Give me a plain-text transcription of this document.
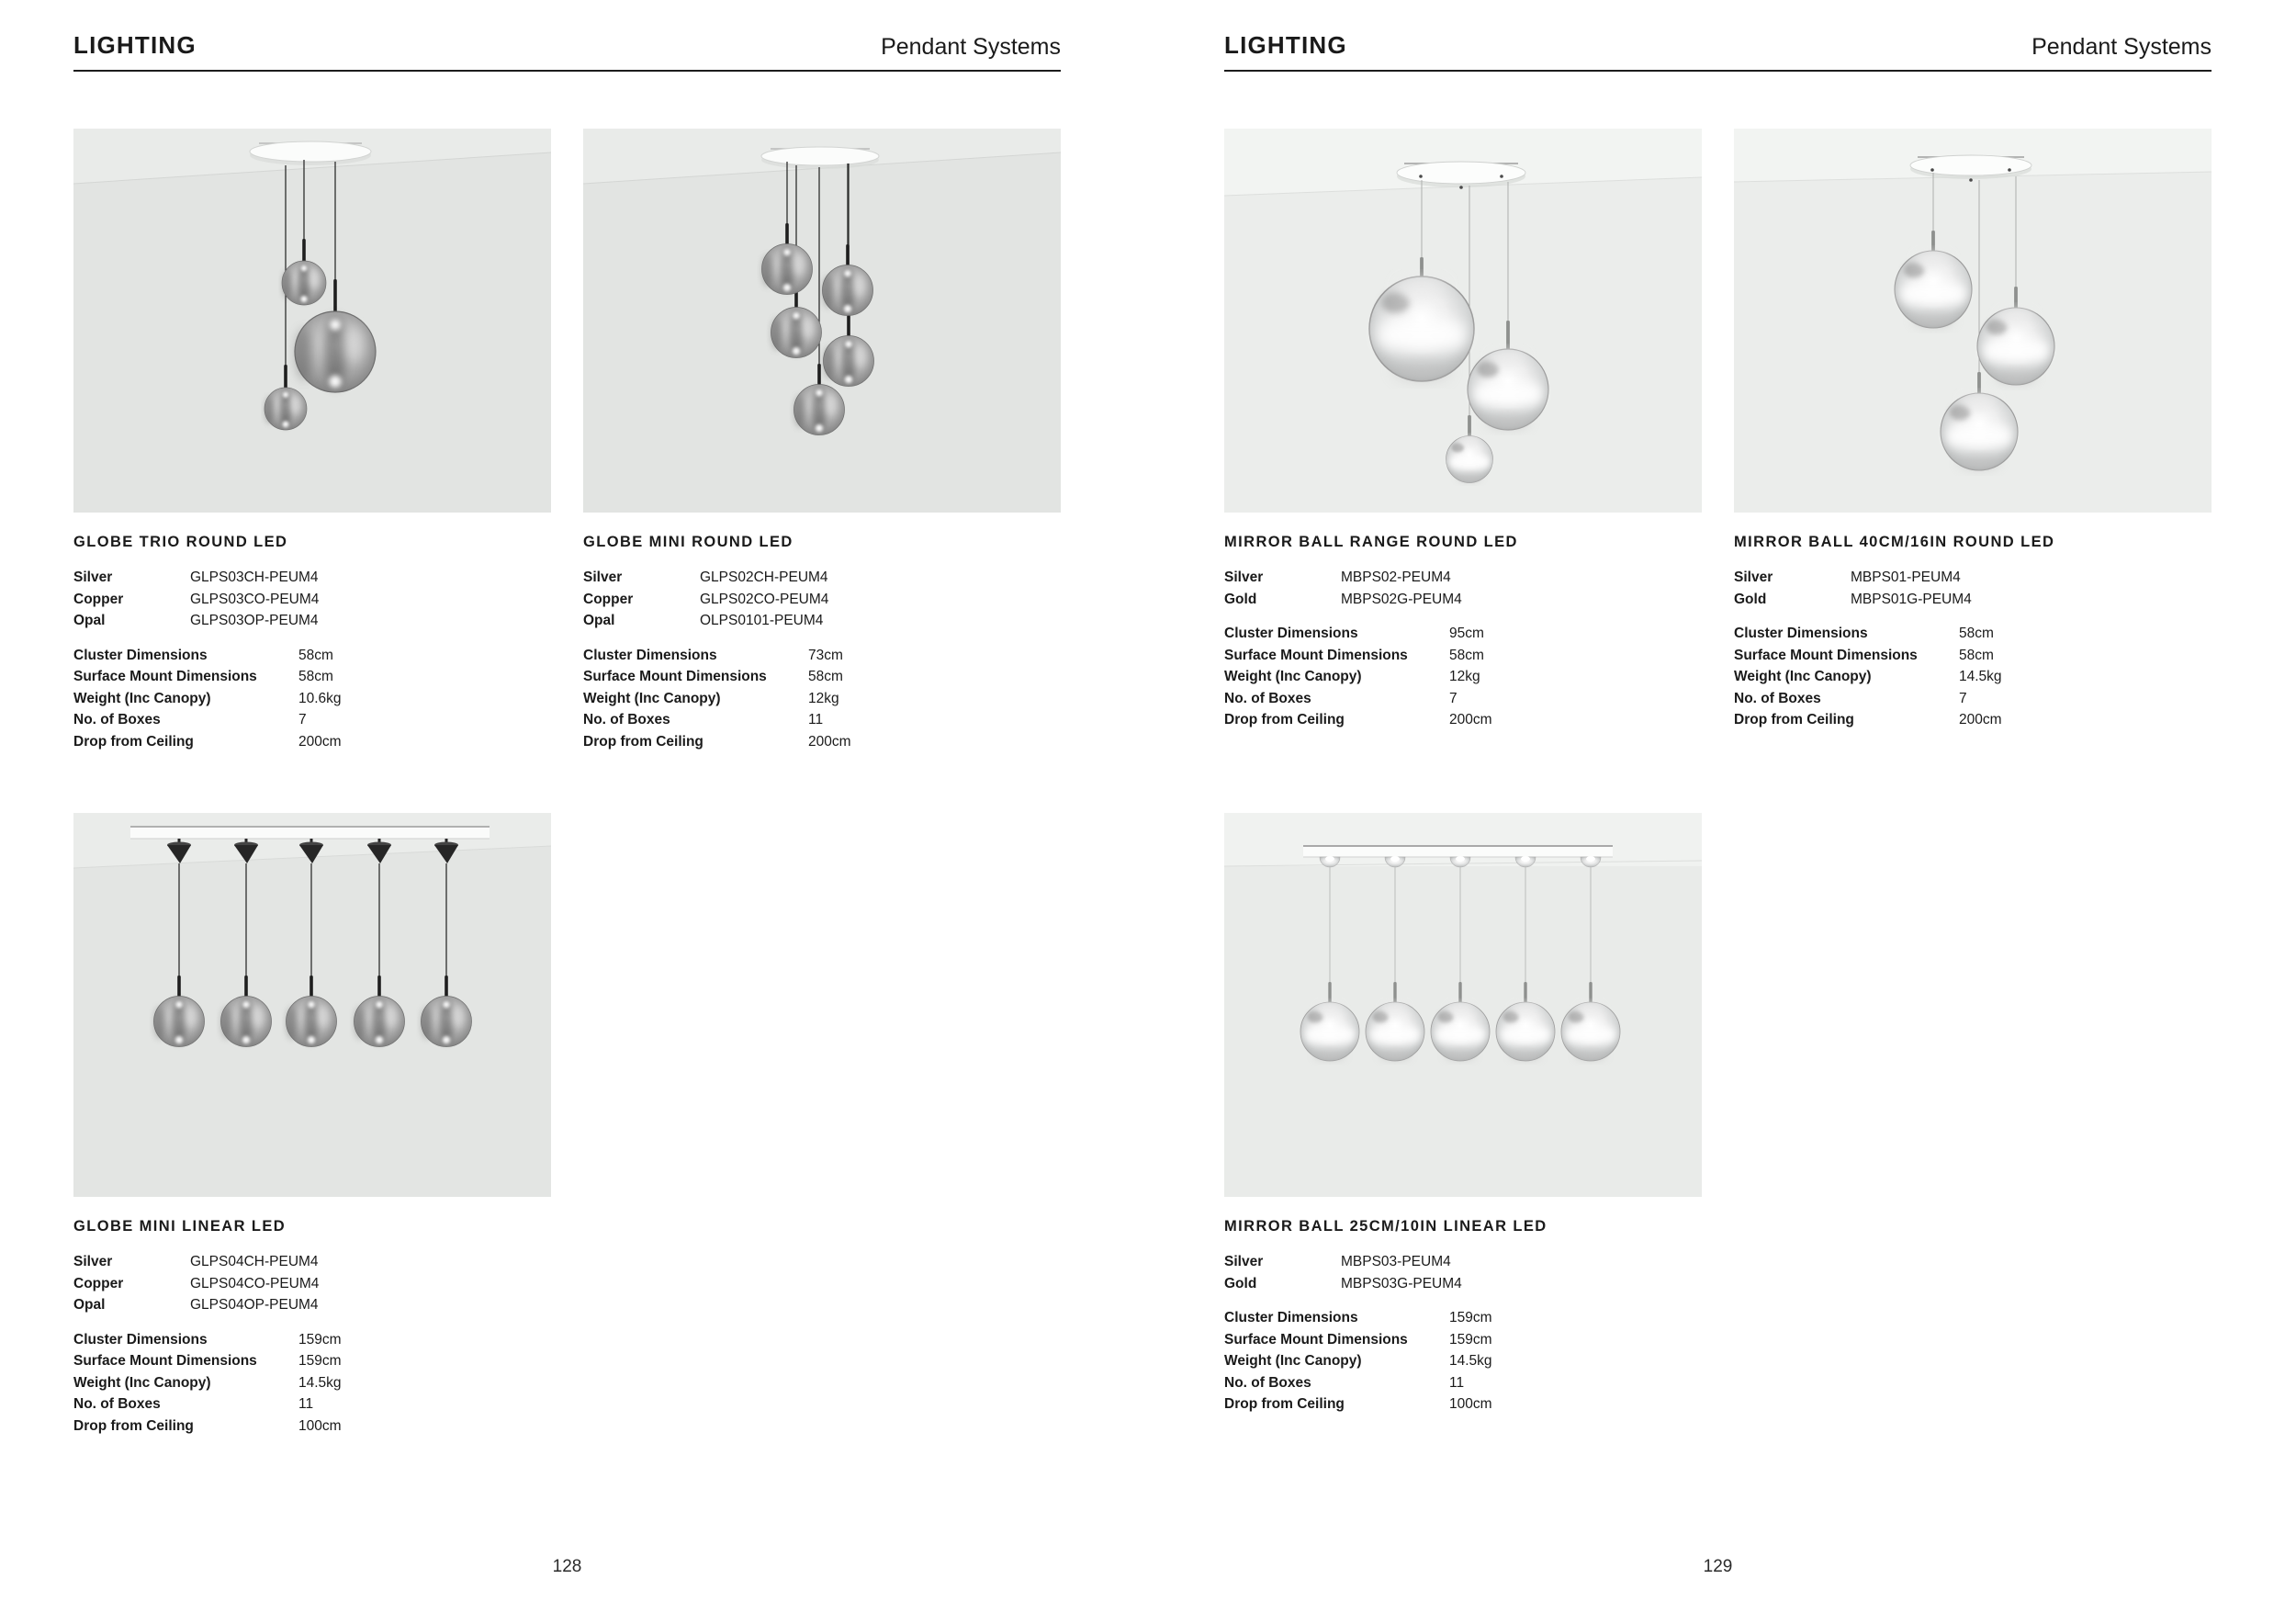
LIGHTING	Pendant Systems
GLOBE TRIO ROUND LED
Silver	GLPS03CH-PEUM4
Copper	GLPS03CO-PEUM4
Opal	GLPS03OP-PEUM4
Cluster Dimensions	58cm
Surface Mount Dimensions	58cm
Weight (Inc Canopy)	10.6kg
No. of Boxes	7
Drop from Ceiling	200cm
GLOBE MINI ROUND LED
Silver	GLPS02CH-PEUM4
Copper	GLPS02CO-PEUM4
Opal	OLPS0101-PEUM4
Cluster Dimensions	73cm
Surface Mount Dimensions	58cm
Weight (Inc Canopy)	12kg
No. of Boxes	11
Drop from Ceiling	200cm
GLOBE MINI LINEAR LED
Silver	GLPS04CH-PEUM4
Copper	GLPS04CO-PEUM4
Opal	GLPS04OP-PEUM4
Cluster Dimensions	159cm
Surface Mount Dimensions	159cm
Weight (Inc Canopy)	14.5kg
No. of Boxes	11
Drop from Ceiling	100cm
128
LIGHTING	Pendant Systems
MIRROR BALL RANGE ROUND LED
Silver	MBPS02-PEUM4
Gold	MBPS02G-PEUM4
Cluster Dimensions	95cm
Surface Mount Dimensions	58cm
Weight (Inc Canopy)	12kg
No. of Boxes	7
Drop from Ceiling	200cm
MIRROR BALL 40CM/16IN ROUND LED
Silver	MBPS01-PEUM4
Gold	MBPS01G-PEUM4
Cluster Dimensions	58cm
Surface Mount Dimensions	58cm
Weight (Inc Canopy)	14.5kg
No. of Boxes	7
Drop from Ceiling	200cm
MIRROR BALL 25CM/10IN LINEAR LED
Silver	MBPS03-PEUM4
Gold	MBPS03G-PEUM4
Cluster Dimensions	159cm
Surface Mount Dimensions	159cm
Weight (Inc Canopy)	14.5kg
No. of Boxes	11
Drop from Ceiling	100cm
129
